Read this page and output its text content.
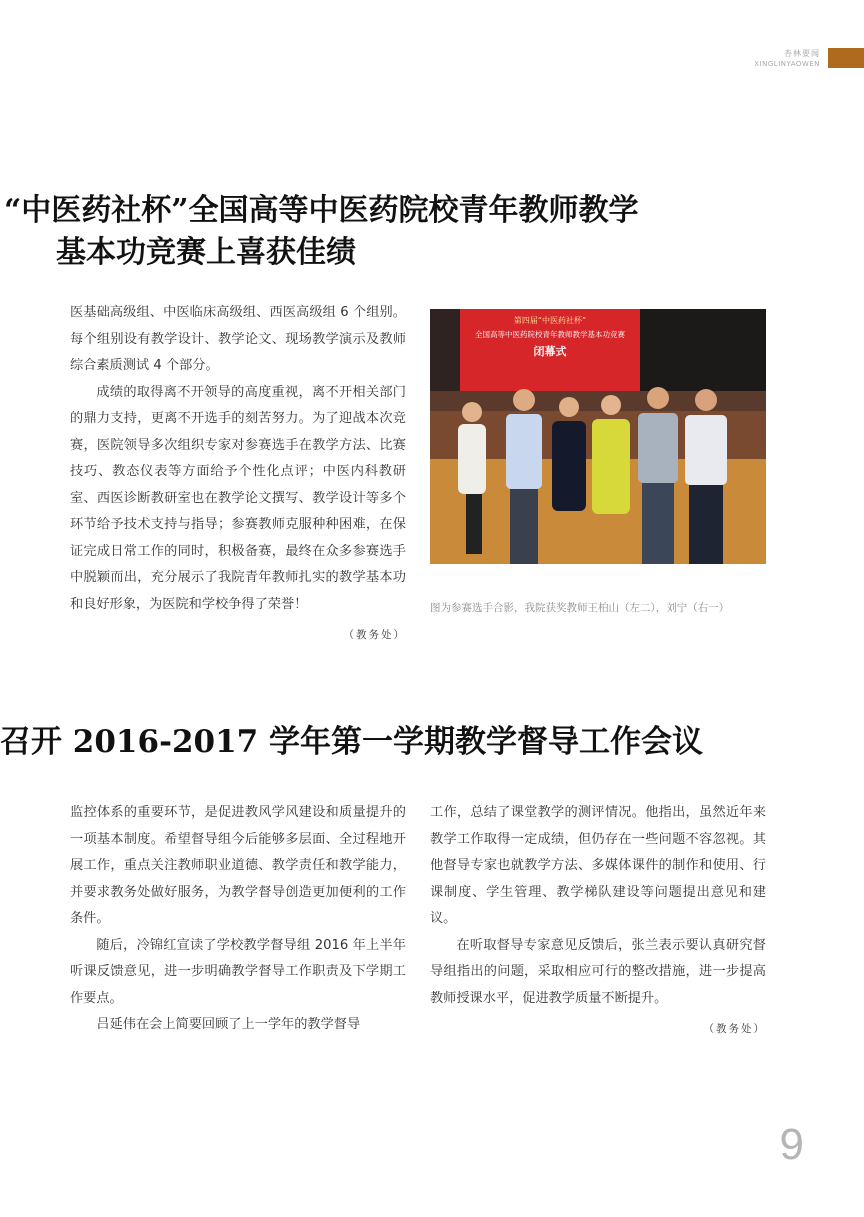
杏林要闻
XINGLINYAOWEN
“中医药社杯”全国高等中医药院校青年教师教学
基本功竞赛上喜获佳绩

医基础高级组、中医临床高级组、西医高级组 6 个组别。每个组别设有教学设计、教学论文、现场教学演示及教师综合素质测试 4 个部分。

成绩的取得离不开领导的高度重视，离不开相关部门的鼎力支持，更离不开选手的刻苦努力。为了迎战本次竞赛，医院领导多次组织专家对参赛选手在教学方法、比赛技巧、教态仪表等方面给予个性化点评；中医内科教研室、西医诊断教研室也在教学论文撰写、教学设计等多个环节给予技术支持与指导；参赛教师克服种种困难，在保证完成日常工作的同时，积极备赛，最终在众多参赛选手中脱颖而出，充分展示了我院青年教师扎实的教学基本功和良好形象，为医院和学校争得了荣誉！

（教务处）
第四届“中医药社杯”
全国高等中医药院校青年教师教学基本功竞赛
闭幕式
图为参赛选手合影，我院获奖教师王柏山（左二），刘宁（右一）
召开 2016-2017 学年第一学期教学督导工作会议

监控体系的重要环节，是促进教风学风建设和质量提升的一项基本制度。希望督导组今后能够多层面、全过程地开展工作，重点关注教师职业道德、教学责任和教学能力，并要求教务处做好服务，为教学督导创造更加便利的工作条件。

随后，冷锦红宣读了学校教学督导组 2016 年上半年听课反馈意见，进一步明确教学督导工作职责及下学期工作要点。

吕延伟在会上简要回顾了上一学年的教学督导

工作，总结了课堂教学的测评情况。他指出，虽然近年来教学工作取得一定成绩，但仍存在一些问题不容忽视。其他督导专家也就教学方法、多媒体课件的制作和使用、行课制度、学生管理、教学梯队建设等问题提出意见和建议。

在听取督导专家意见反馈后，张兰表示要认真研究督导组指出的问题，采取相应可行的整改措施，进一步提高教师授课水平，促进教学质量不断提升。

（教务处）
9
